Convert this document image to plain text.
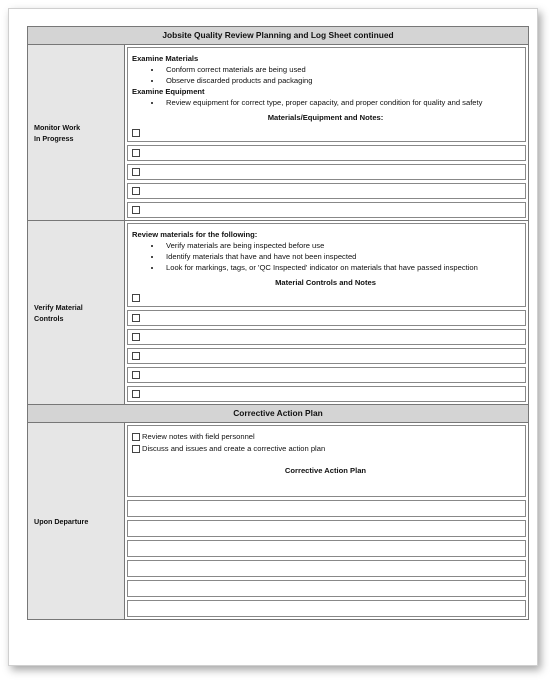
Jobsite Quality Review Planning and Log Sheet continued
Monitor Work
In Progress
Examine Materials
• Conform correct materials are being used
• Observe discarded products and packaging
Examine Equipment
• Review equipment for correct type, proper capacity, and proper condition for quality and safety
Materials/Equipment and Notes:
Verify Material
Controls
Review materials for the following:
• Verify materials are being inspected before use
• Identify materials that have and have not been inspected
• Look for markings, tags, or 'QC Inspected' indicator on materials that have passed inspection
Material Controls and Notes
Corrective Action Plan
Upon Departure
Review notes with field personnel
Discuss and issues and create a corrective action plan
Corrective Action Plan
